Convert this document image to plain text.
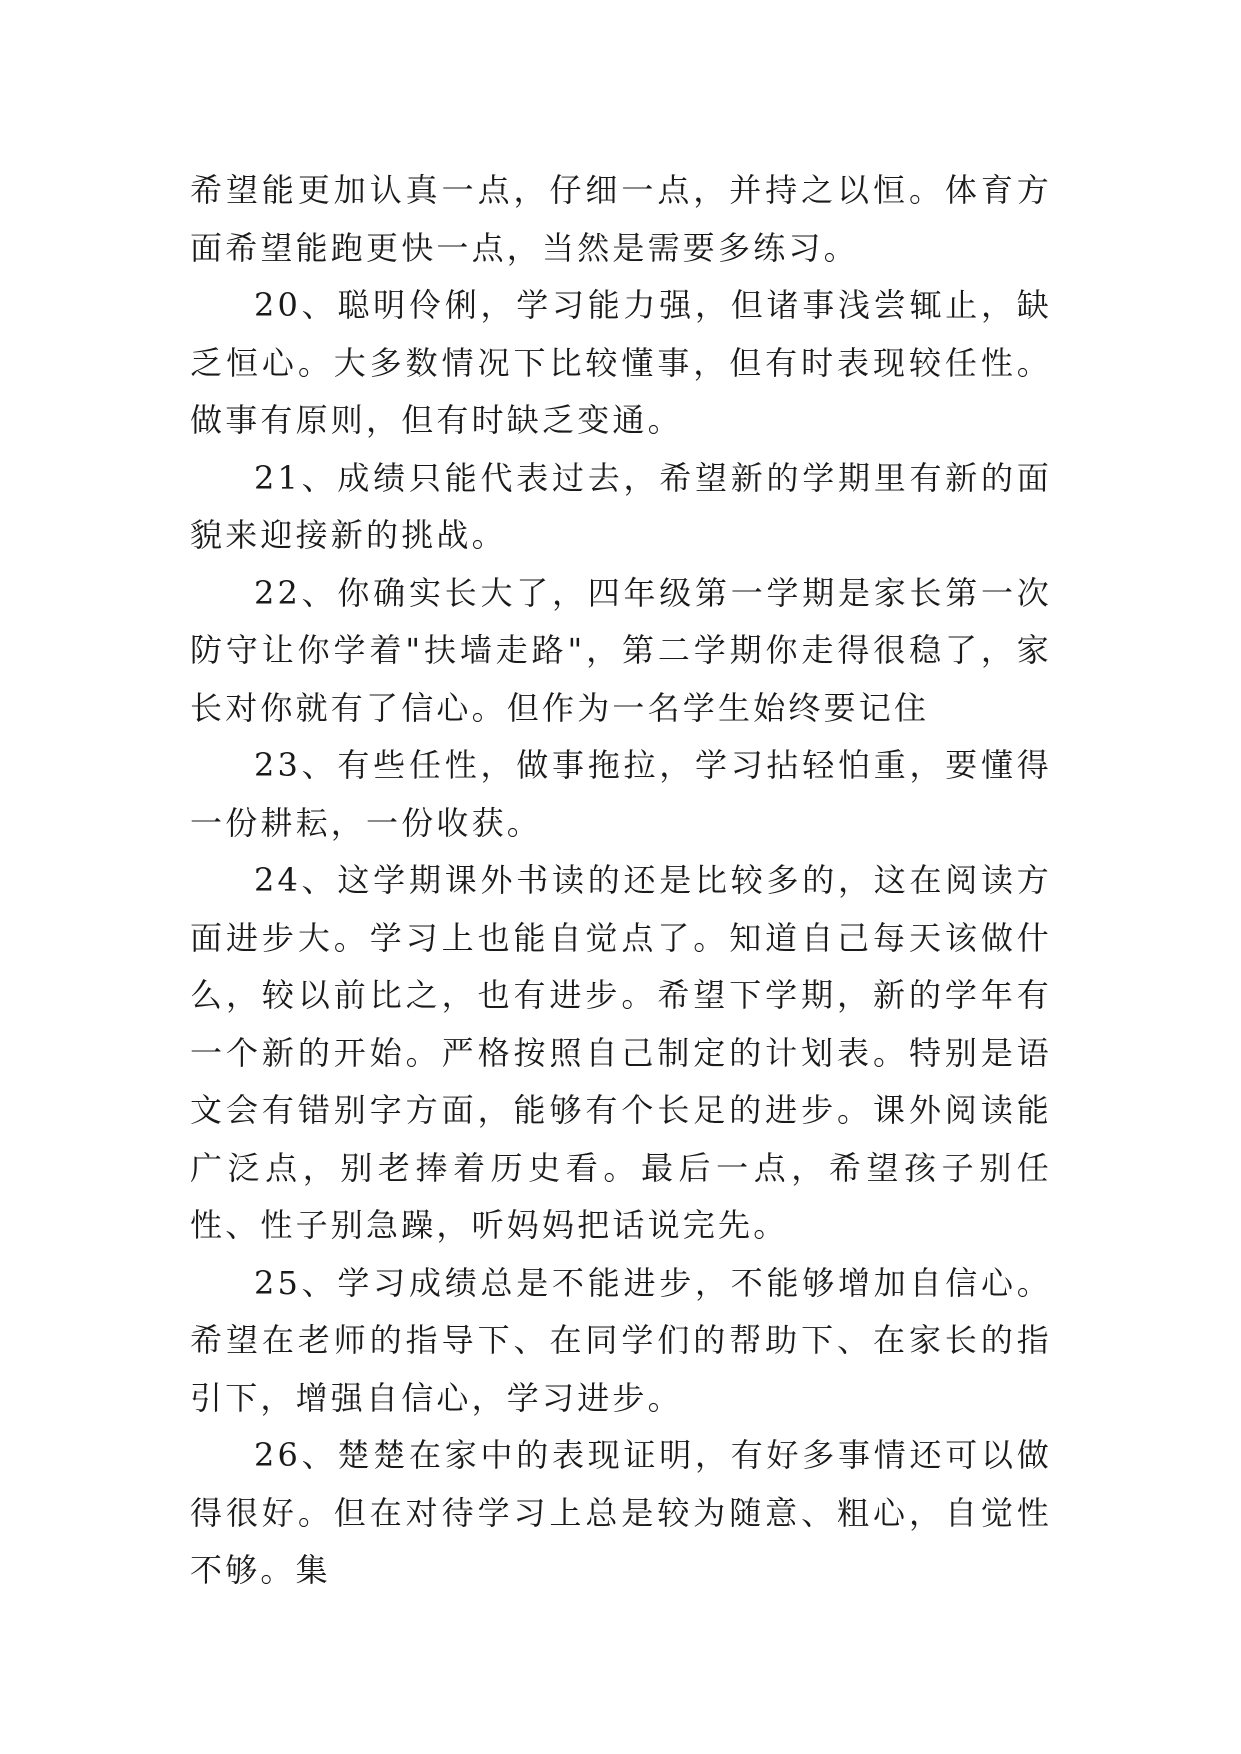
希望能更加认真一点，仔细一点，并持之以恒。体育方面希望能跑更快一点，当然是需要多练习。

20、聪明伶俐，学习能力强，但诸事浅尝辄止，缺乏恒心。大多数情况下比较懂事，但有时表现较任性。做事有原则，但有时缺乏变通。

21、成绩只能代表过去，希望新的学期里有新的面貌来迎接新的挑战。

22、你确实长大了，四年级第一学期是家长第一次防守让你学着"扶墙走路"，第二学期你走得很稳了，家长对你就有了信心。但作为一名学生始终要记住

23、有些任性，做事拖拉，学习拈轻怕重，要懂得一份耕耘，一份收获。

24、这学期课外书读的还是比较多的，这在阅读方面进步大。学习上也能自觉点了。知道自己每天该做什么，较以前比之，也有进步。希望下学期，新的学年有一个新的开始。严格按照自己制定的计划表。特别是语文会有错别字方面，能够有个长足的进步。课外阅读能广泛点，别老捧着历史看。最后一点，希望孩子别任性、性子别急躁，听妈妈把话说完先。

25、学习成绩总是不能进步，不能够增加自信心。希望在老师的指导下、在同学们的帮助下、在家长的指引下，增强自信心，学习进步。

26、楚楚在家中的表现证明，有好多事情还可以做得很好。但在对待学习上总是较为随意、粗心，自觉性不够。集
